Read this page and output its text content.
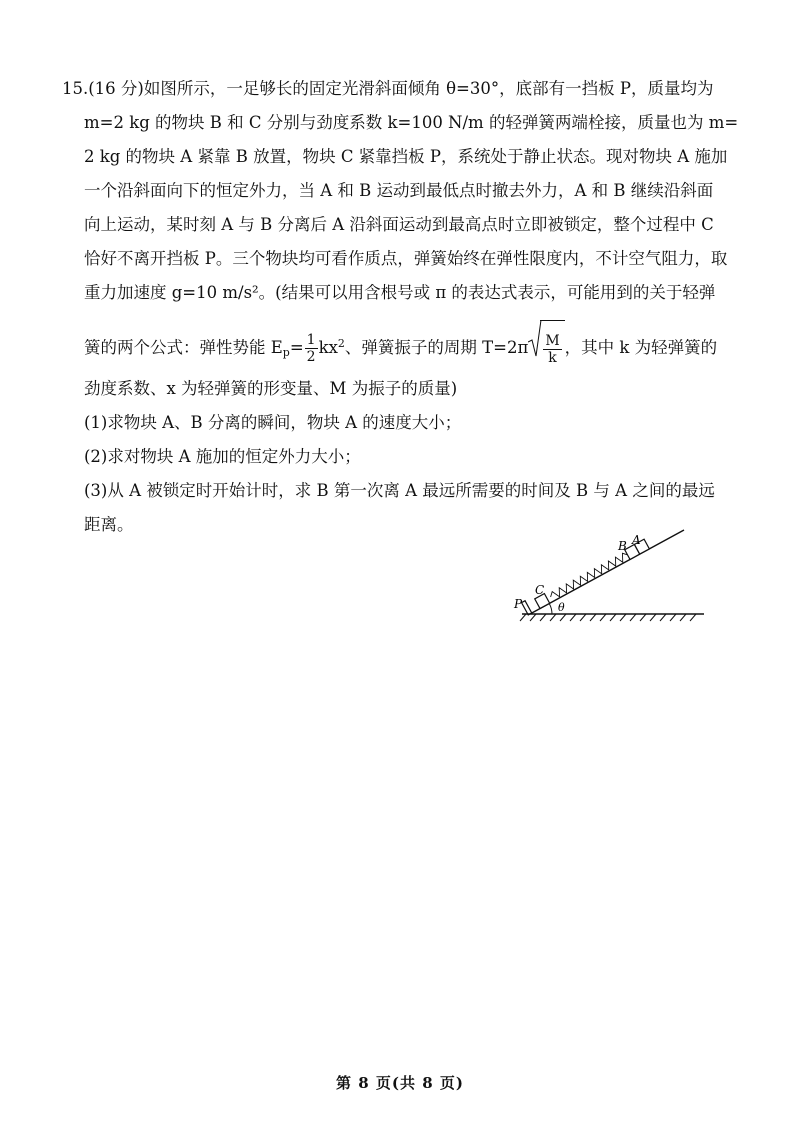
15.(16 分)如图所示，一足够长的固定光滑斜面倾角 θ=30°，底部有一挡板 P，质量均为
m=2 kg 的物块 B 和 C 分别与劲度系数 k=100 N/m 的轻弹簧两端栓接，质量也为 m=
2 kg 的物块 A 紧靠 B 放置，物块 C 紧靠挡板 P，系统处于静止状态。现对物块 A 施加
一个沿斜面向下的恒定外力，当 A 和 B 运动到最低点时撤去外力，A 和 B 继续沿斜面
向上运动，某时刻 A 与 B 分离后 A 沿斜面运动到最高点时立即被锁定，整个过程中 C
恰好不离开挡板 P。三个物块均可看作质点，弹簧始终在弹性限度内，不计空气阻力，取
重力加速度 g=10 m/s²。(结果可以用含根号或 π 的表达式表示，可能用到的关于轻弹
簧的两个公式：弹性势能 $E_p= \frac{1}{2} kx^2$、弹簧振子的周期 $T=2\pi \frac{M}{k}$ ，其中 k 为轻弹簧的
劲度系数、x 为轻弹簧的形变量、M 为振子的质量)
(1)求物块 A、B 分离的瞬间，物块 A 的速度大小；
(2)求对物块 A 施加的恒定外力大小；
(3)从 A 被锁定时开始计时，求 B 第一次离 A 最远所需要的时间及 B 与 A 之间的最远
距离。
θ
P
C
B A
第 8 页(共 8 页)
